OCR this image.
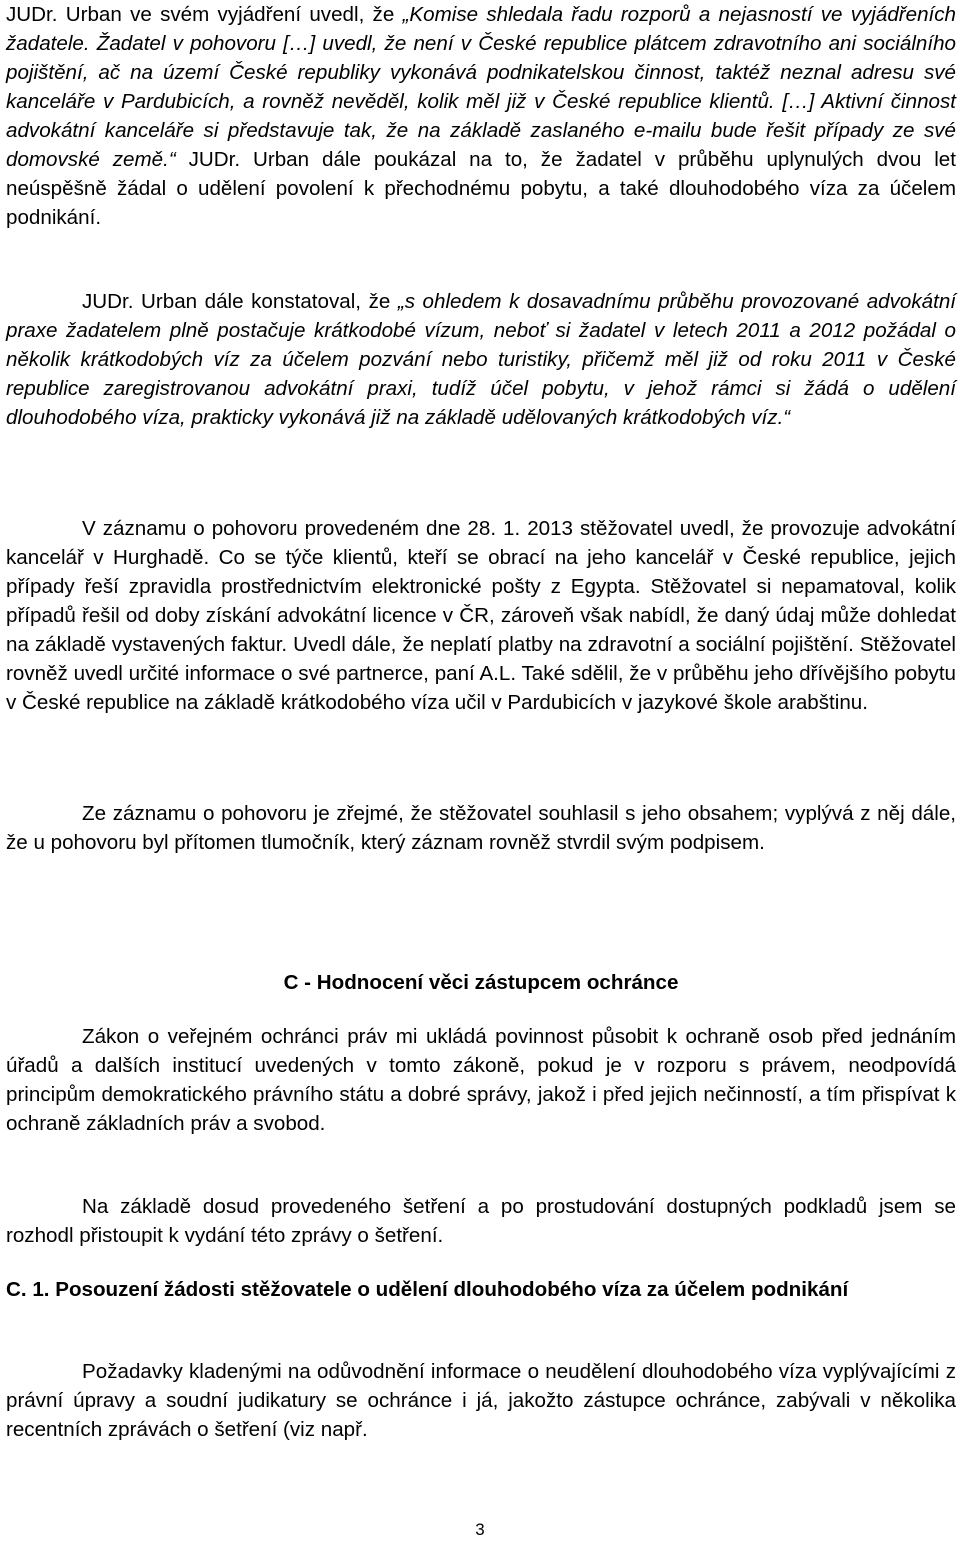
JUDr. Urban ve svém vyjádření uvedl, že „Komise shledala řadu rozporů a nejasností ve vyjádřeních žadatele. Žadatel v pohovoru […] uvedl, že není v České republice plátcem zdravotního ani sociálního pojištění, ač na území České republiky vykonává podnikatelskou činnost, taktéž neznal adresu své kanceláře v Pardubicích, a rovněž nevěděl, kolik měl již v České republice klientů. […] Aktivní činnost advokátní kanceláře si představuje tak, že na základě zaslaného e-mailu bude řešit případy ze své domovské země.“ JUDr. Urban dále poukázal na to, že žadatel v průběhu uplynulých dvou let neúspěšně žádal o udělení povolení k přechodnému pobytu, a také dlouhodobého víza za účelem podnikání.

JUDr. Urban dále konstatoval, že „s ohledem k dosavadnímu průběhu provozované advokátní praxe žadatelem plně postačuje krátkodobé vízum, neboť si žadatel v letech 2011 a 2012 požádal o několik krátkodobých víz za účelem pozvání nebo turistiky, přičemž měl již od roku 2011 v České republice zaregistrovanou advokátní praxi, tudíž účel pobytu, v jehož rámci si žádá o udělení dlouhodobého víza, prakticky vykonává již na základě udělovaných krátkodobých víz.“

V záznamu o pohovoru provedeném dne 28. 1. 2013 stěžovatel uvedl, že provozuje advokátní kancelář v Hurghadě. Co se týče klientů, kteří se obrací na jeho kancelář v České republice, jejich případy řeší zpravidla prostřednictvím elektronické pošty z Egypta. Stěžovatel si nepamatoval, kolik případů řešil od doby získání advokátní licence v ČR, zároveň však nabídl, že daný údaj může dohledat na základě vystavených faktur. Uvedl dále, že neplatí platby na zdravotní a sociální pojištění. Stěžovatel rovněž uvedl určité informace o své partnerce, paní A.L. Také sdělil, že v průběhu jeho dřívějšího pobytu v České republice na základě krátkodobého víza učil v Pardubicích v jazykové škole arabštinu.

Ze záznamu o pohovoru je zřejmé, že stěžovatel souhlasil s jeho obsahem; vyplývá z něj dále, že u pohovoru byl přítomen tlumočník, který záznam rovněž stvrdil svým podpisem.

C - Hodnocení věci zástupcem ochránce

Zákon o veřejném ochránci práv mi ukládá povinnost působit k ochraně osob před jednáním úřadů a dalších institucí uvedených v tomto zákoně, pokud je v rozporu s právem, neodpovídá principům demokratického právního státu a dobré správy, jakož i před jejich nečinností, a tím přispívat k ochraně základních práv a svobod.

Na základě dosud provedeného šetření a po prostudování dostupných podkladů jsem se rozhodl přistoupit k vydání této zprávy o šetření.

C. 1. Posouzení žádosti stěžovatele o udělení dlouhodobého víza za účelem podnikání

Požadavky kladenými na odůvodnění informace o neudělení dlouhodobého víza vyplývajícími z právní úpravy a soudní judikatury se ochránce i já, jakožto zástupce ochránce, zabývali v několika recentních zprávách o šetření (viz např.

3
